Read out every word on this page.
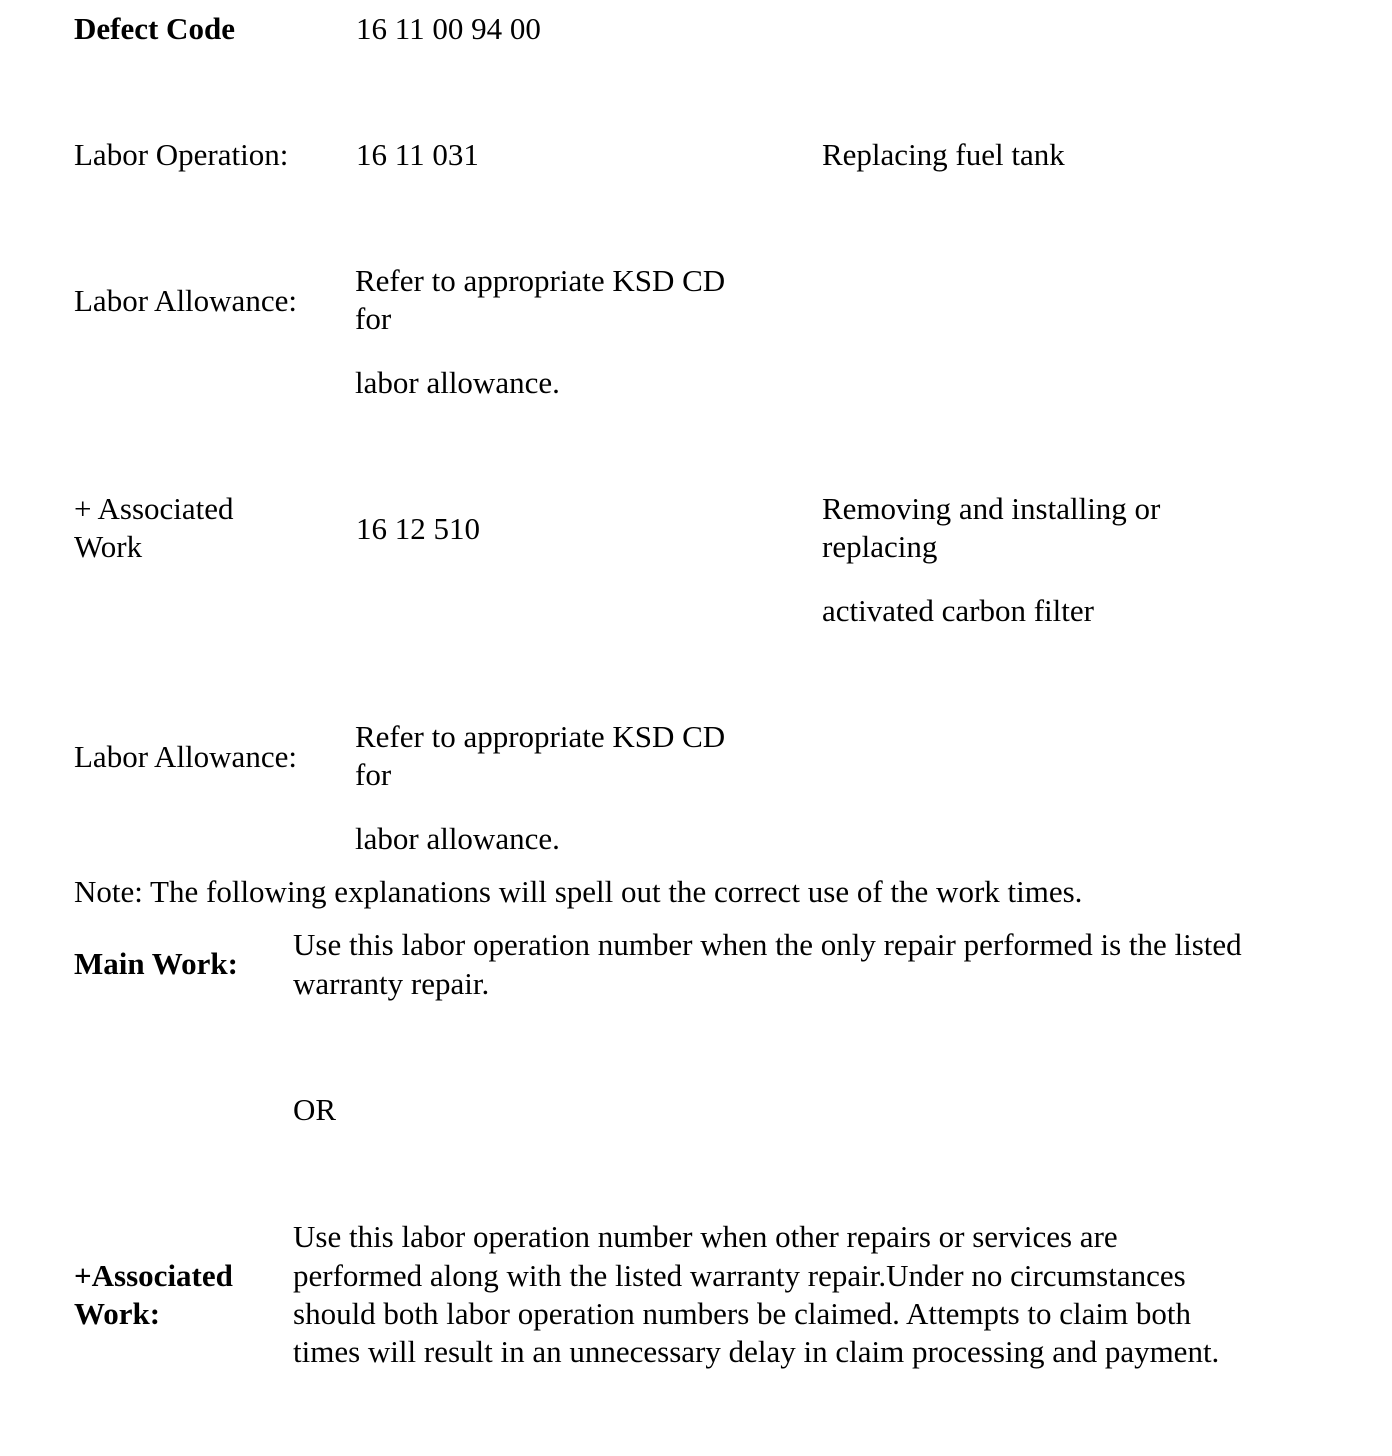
Defect Code	16 11 00 94 00
Labor Operation: 16 11 031	Replacing fuel tank
Labor Allowance:
Refer to appropriate KSD CD
for
labor allowance.
+ Associated
Work
16 12 510
Removing and installing or
replacing
activated carbon filter
Labor Allowance:
Refer to appropriate KSD CD
for
labor allowance.
Note: The following explanations will spell out the correct use of the work times.
Main Work:
Use this labor operation number when the only repair performed is the listed
warranty repair.
OR
+Associated
Work:
Use this labor operation number when other repairs or services are
performed along with the listed warranty repair.Under no circumstances
should both labor operation numbers be claimed. Attempts to claim both
times will result in an unnecessary delay in claim processing and payment.
